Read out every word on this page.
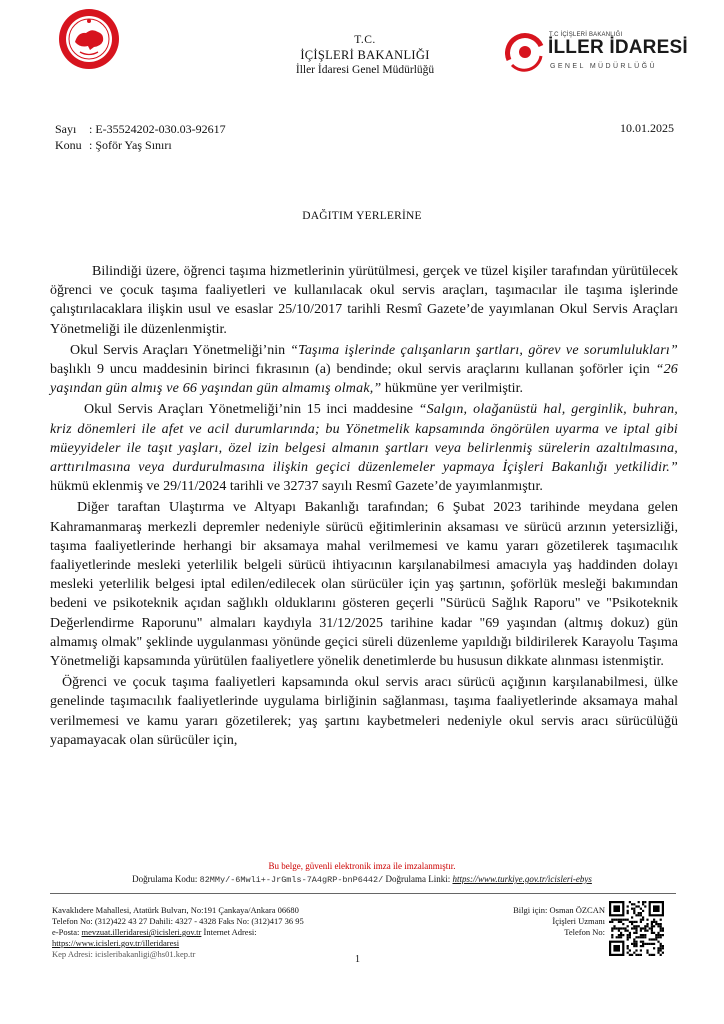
T.C.
İÇİŞLERİ BAKANLIĞI
İller İdaresi Genel Müdürlüğü
T.C İÇİŞLERİ BAKANLIĞI
İLLER İDARESİ
GENEL MÜDÜRLÜĞÜ
Sayı : E-35524202-030.03-92617
Konu : Şoför Yaş Sınırı
10.01.2025
DAĞITIM YERLERİNE

Bilindiği üzere, öğrenci taşıma hizmetlerinin yürütülmesi, gerçek ve tüzel kişiler tarafından yürütülecek öğrenci ve çocuk taşıma faaliyetleri ve kullanılacak okul servis araçları, taşımacılar ile taşıma işlerinde çalıştırılacaklara ilişkin usul ve esaslar 25/10/2017 tarihli Resmî Gazete’de yayımlanan Okul Servis Araçları Yönetmeliği ile düzenlenmiştir.

Okul Servis Araçları Yönetmeliği’nin “Taşıma işlerinde çalışanların şartları, görev ve sorumlulukları” başlıklı 9 uncu maddesinin birinci fıkrasının (a) bendinde; okul servis araçlarını kullanan şoförler için “26 yaşından gün almış ve 66 yaşından gün almamış olmak,” hükmüne yer verilmiştir.

Okul Servis Araçları Yönetmeliği’nin 15 inci maddesine “Salgın, olağanüstü hal, gerginlik, buhran, kriz dönemleri ile afet ve acil durumlarında; bu Yönetmelik kapsamında öngörülen uyarma ve iptal gibi müeyyideler ile taşıt yaşları, özel izin belgesi almanın şartları veya belirlenmiş sürelerin azaltılmasına, arttırılmasına veya durdurulmasına ilişkin geçici düzenlemeler yapmaya İçişleri Bakanlığı yetkilidir.” hükmü eklenmiş ve 29/11/2024 tarihli ve 32737 sayılı Resmî Gazete’de yayımlanmıştır.

Diğer taraftan Ulaştırma ve Altyapı Bakanlığı tarafından; 6 Şubat 2023 tarihinde meydana gelen Kahramanmaraş merkezli depremler nedeniyle sürücü eğitimlerinin aksaması ve sürücü arzının yetersizliği, taşıma faaliyetlerinde herhangi bir aksamaya mahal verilmemesi ve kamu yararı gözetilerek taşımacılık faaliyetlerinde mesleki yeterlilik belgeli sürücü ihtiyacının karşılanabilmesi amacıyla yaş haddinden dolayı mesleki yeterlilik belgesi iptal edilen/edilecek olan sürücüler için yaş şartının, şoförlük mesleği bakımından bedeni ve psikoteknik açıdan sağlıklı olduklarını gösteren geçerli "Sürücü Sağlık Raporu" ve "Psikoteknik Değerlendirme Raporunu" almaları kaydıyla 31/12/2025 tarihine kadar "69 yaşından (altmış dokuz) gün almamış olmak" şeklinde uygulanması yönünde geçici süreli düzenleme yapıldığı bildirilerek Karayolu Taşıma Yönetmeliği kapsamında yürütülen faaliyetlere yönelik denetimlerde bu hususun dikkate alınması istenmiştir.

Öğrenci ve çocuk taşıma faaliyetleri kapsamında okul servis aracı sürücü açığının karşılanabilmesi, ülke genelinde taşımacılık faaliyetlerinde uygulama birliğinin sağlanması, taşıma faaliyetlerinde aksamaya mahal verilmemesi ve kamu yararı gözetilerek; yaş şartını kaybetmeleri nedeniyle okul servis aracı sürücülüğü yapamayacak olan sürücüler için,

Bu belge, güvenli elektronik imza ile imzalanmıştır.
Doğrulama Kodu: 82MMy/-6Mwli+-JrGmls-7A4gRP-bnP6442/ Doğrulama Linki: https://www.turkiye.gov.tr/icisleri-ebys
Kavaklıdere Mahallesi, Atatürk Bulvarı, No:191 Çankaya/Ankara 06680
Telefon No: (312)422 43 27 Dahili: 4327 - 4328 Faks No: (312)417 36 95
e-Posta: mevzuat.illeridaresi@icisleri.gov.tr İnternet Adresi:
https://www.icisleri.gov.tr/illeridaresi
Kep Adresi: icisleribakanligi@hs01.kep.tr	1
Bilgi için: Osman ÖZCAN
İçişleri Uzmanı
Telefon No:
